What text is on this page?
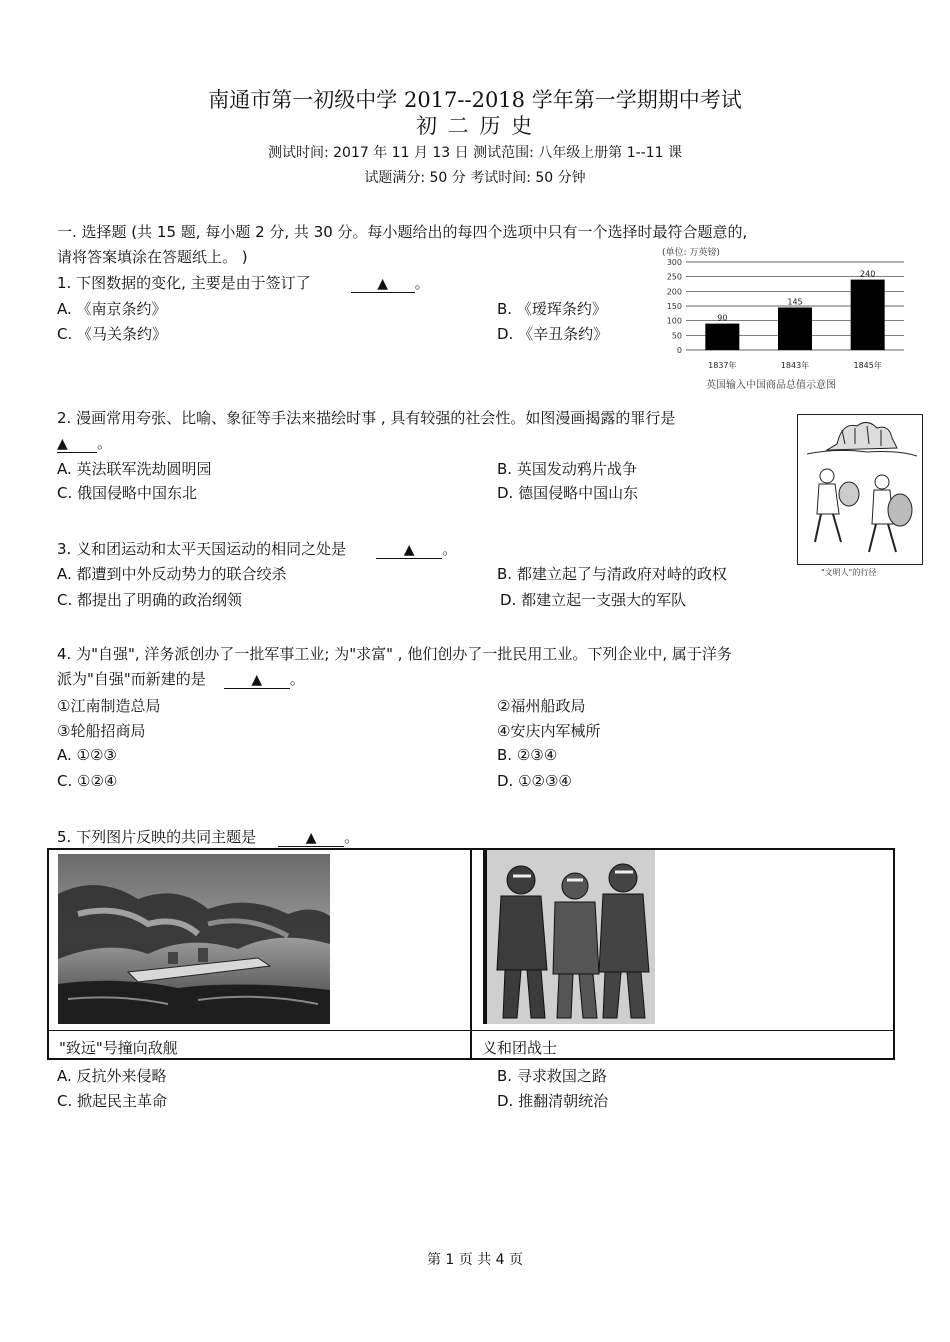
南通市第一初级中学 2017--2018 学年第一学期期中考试
初 二 历 史
测试时间: 2017 年 11 月 13 日 测试范围: 八年级上册第 1--11 课
试题满分: 50 分 考试时间: 50 分钟
一. 选择题 (共 15 题, 每小题 2 分, 共 30 分。每小题给出的每四个选项中只有一个选择时最符合题意的,
请将答案填涂在答题纸上。 )
1. 下图数据的变化, 主要是由于签订了	▲ 。
A. 《南京条约》	B. 《瑷珲条约》
C. 《马关条约》	D. 《辛丑条约》
(单位: 万英镑)
0
50
100
150
200
250
300
90
145
240
1837年	1843年	1845年
英国输入中国商品总值示意图
2. 漫画常用夸张、比喻、象征等手法来描绘时事 , 具有较强的社会性。如图漫画揭露的罪行是
▲ 。
A. 英法联军洗劫圆明园	B. 英国发动鸦片战争
C. 俄国侵略中国东北	D. 德国侵略中国山东
"文明人"的行径
3. 义和团运动和太平天国运动的相同之处是	▲ 。
A. 都遭到中外反动势力的联合绞杀	B. 都建立起了与清政府对峙的政权
C. 都提出了明确的政治纲领	D. 都建立起一支强大的军队
4. 为"自强", 洋务派创办了一批军事工业; 为"求富" , 他们创办了一批民用工业。下列企业中, 属于洋务
派为"自强"而新建的是	▲ 。
①江南制造总局	②福州船政局
③轮船招商局	④安庆内军械所
A. ①②③	B. ②③④
C. ①②④	D. ①②③④
5. 下列图片反映的共同主题是	▲ 。
"致远"号撞向敌舰	义和团战士
A. 反抗外来侵略	B. 寻求救国之路
C. 掀起民主革命	D. 推翻清朝统治
第 1 页 共 4 页
